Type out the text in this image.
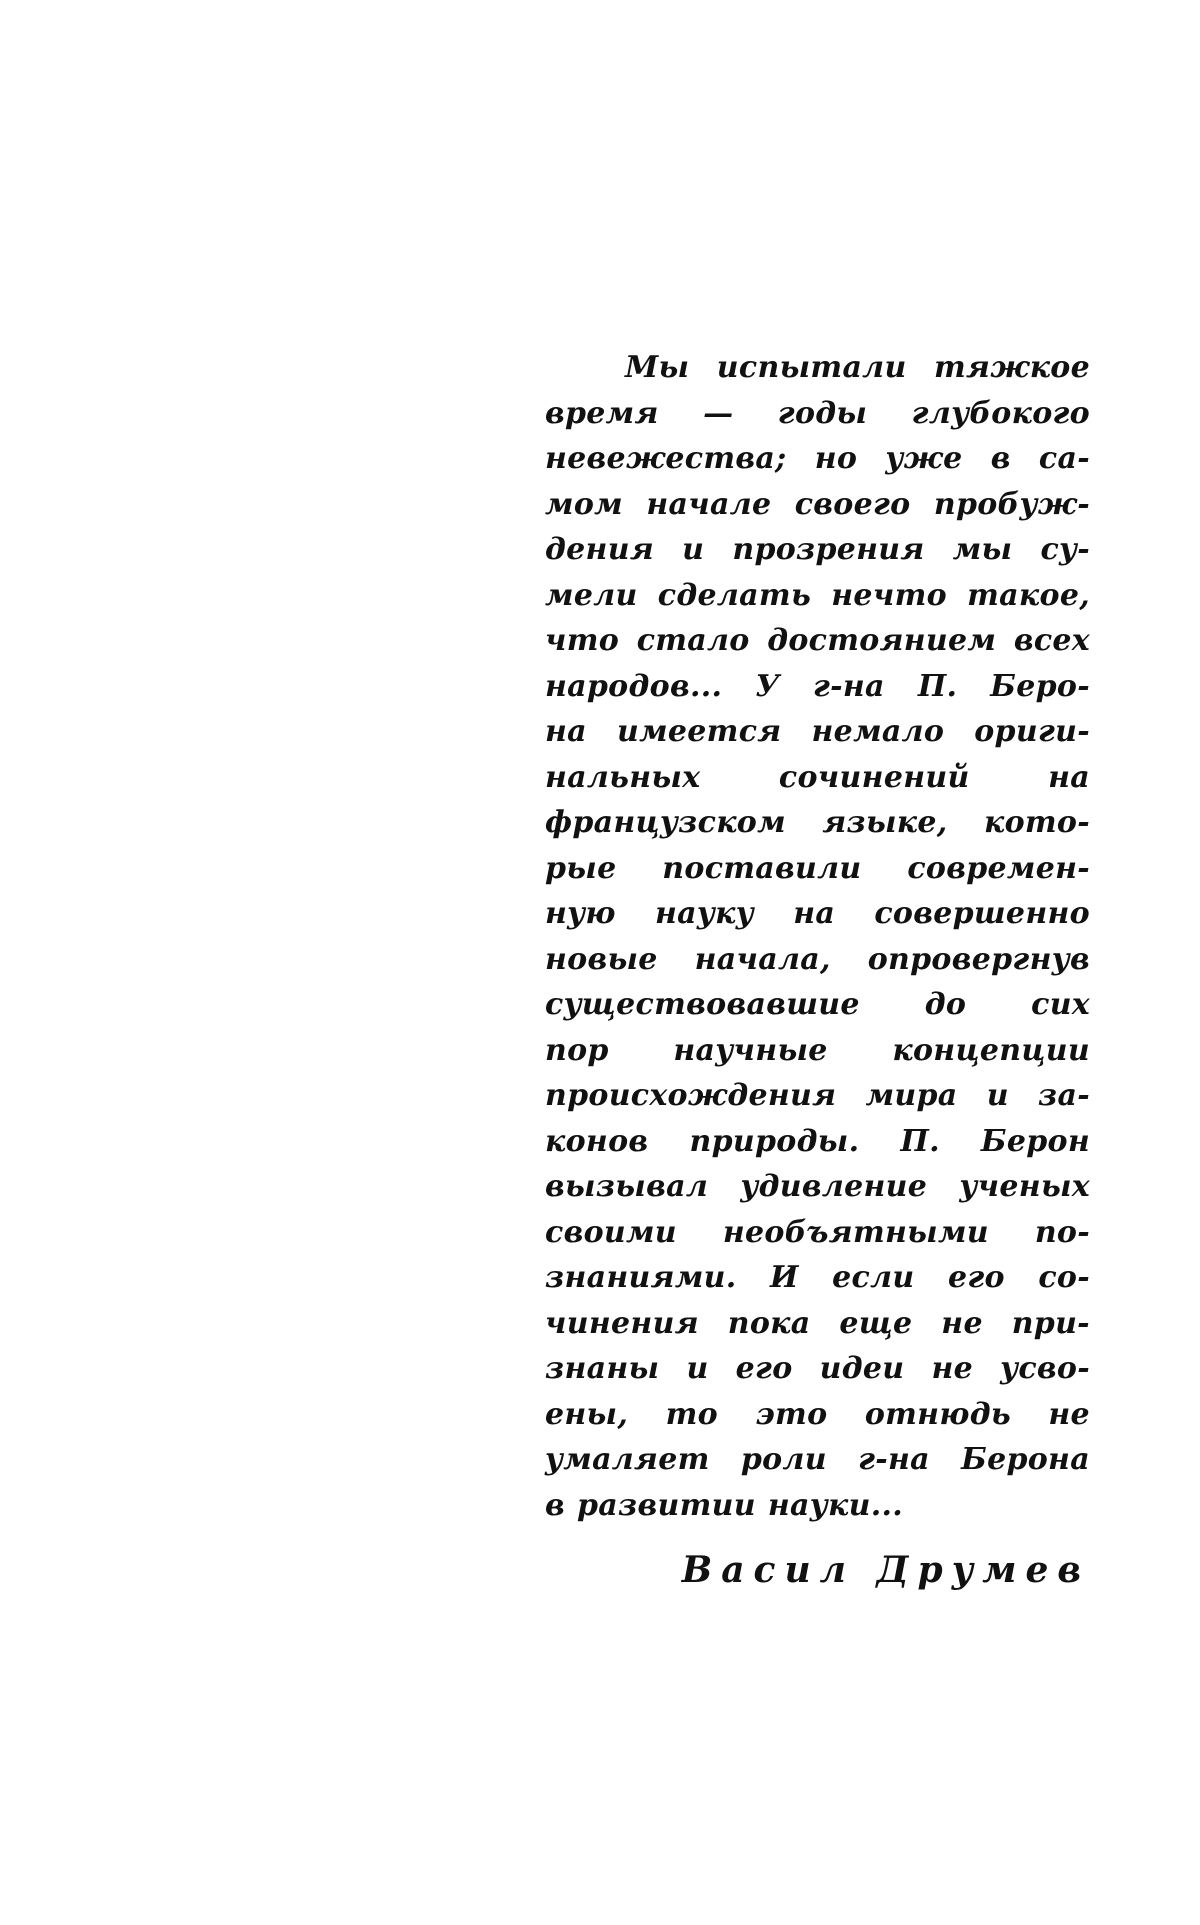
Мы испытали тяжкое
время — годы глубокого
невежества; но уже в са-
мом начале своего пробуж-
дения и прозрения мы су-
мели сделать нечто такое,
что стало достоянием всех
народов... У г-на П. Беро-
на имеется немало ориги-
нальных	сочинений	на
французском языке, кото-
рые поставили современ-
ную науку на совершенно
новые начала, опровергнув
существовавшие до сих
пор научные концепции
происхождения мира и за-
конов природы. П. Берон
вызывал удивление ученых
своими необъятными по-
знаниями. И если его со-
чинения пока еще не при-
знаны и его идеи не усво-
ены, то это отнюдь не
умаляет роли г-на Берона
в развитии науки...
Васил Друмев
